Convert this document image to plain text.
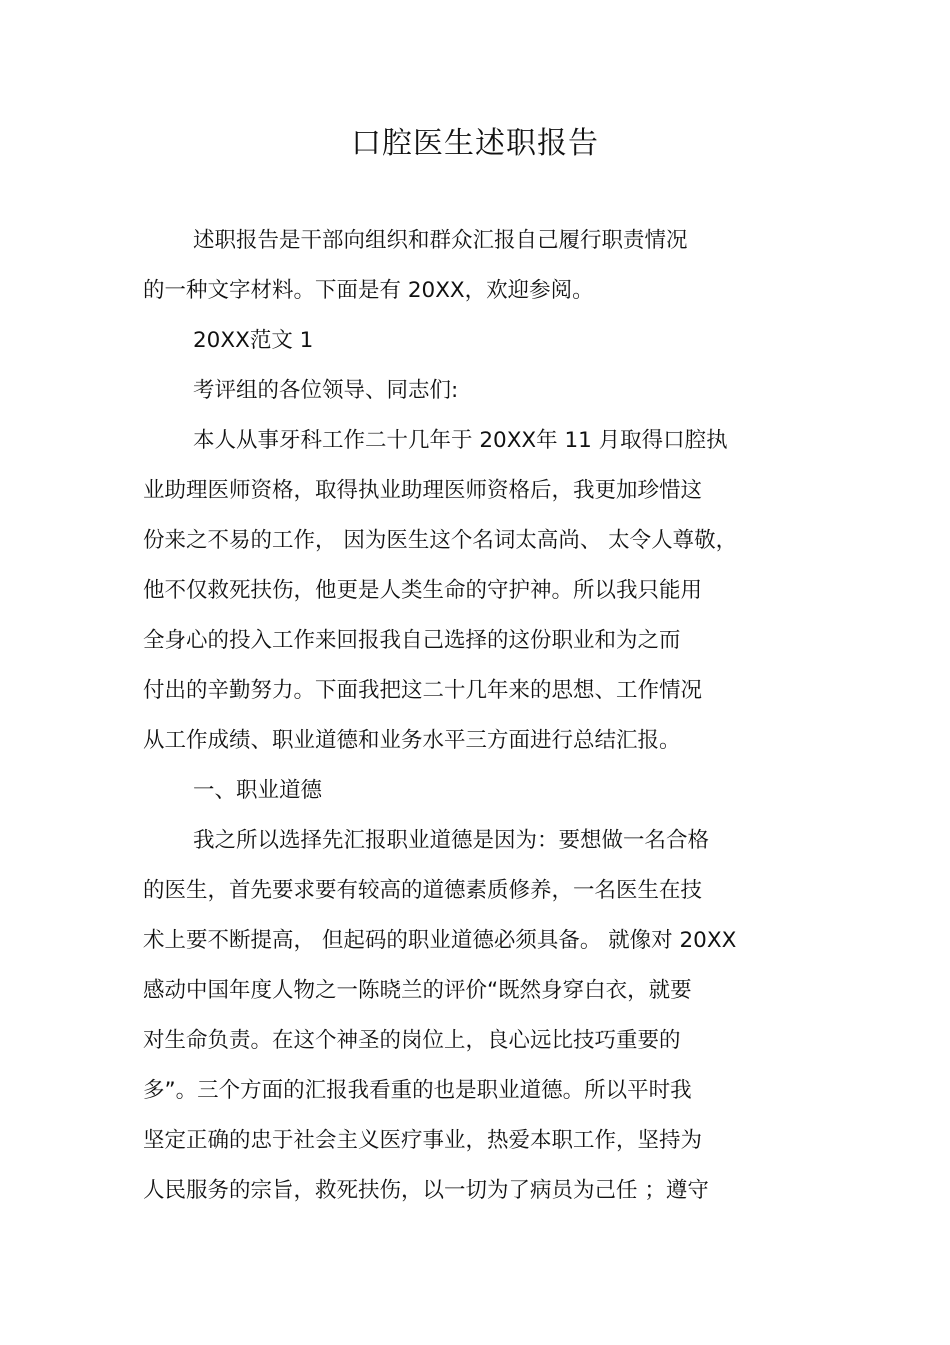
口腔医生述职报告
述职报告是干部向组织和群众汇报自己履行职责情况
的一种文字材料。下面是有 20XX，欢迎参阅。
20XX范文 1
考评组的各位领导、同志们:
本人从事牙科工作二十几年于 20XX年 11 月取得口腔执
业助理医师资格，取得执业助理医师资格后，我更加珍惜这
份来之不易的工作， 因为医生这个名词太高尚、 太令人尊敬，
他不仅救死扶伤，他更是人类生命的守护神。所以我只能用
全身心的投入工作来回报我自己选择的这份职业和为之而
付出的辛勤努力。下面我把这二十几年来的思想、工作情况
从工作成绩、职业道德和业务水平三方面进行总结汇报。
一、职业道德
我之所以选择先汇报职业道德是因为：要想做一名合格
的医生，首先要求要有较高的道德素质修养，一名医生在技
术上要不断提高， 但起码的职业道德必须具备。 就像对 20XX
感动中国年度人物之一陈晓兰的评价“既然身穿白衣，就要
对生命负责。在这个神圣的岗位上，良心远比技巧重要的
多”。三个方面的汇报我看重的也是职业道德。所以平时我
坚定正确的忠于社会主义医疗事业，热爱本职工作，坚持为
人民服务的宗旨，救死扶伤，以一切为了病员为己任 ；遵守
